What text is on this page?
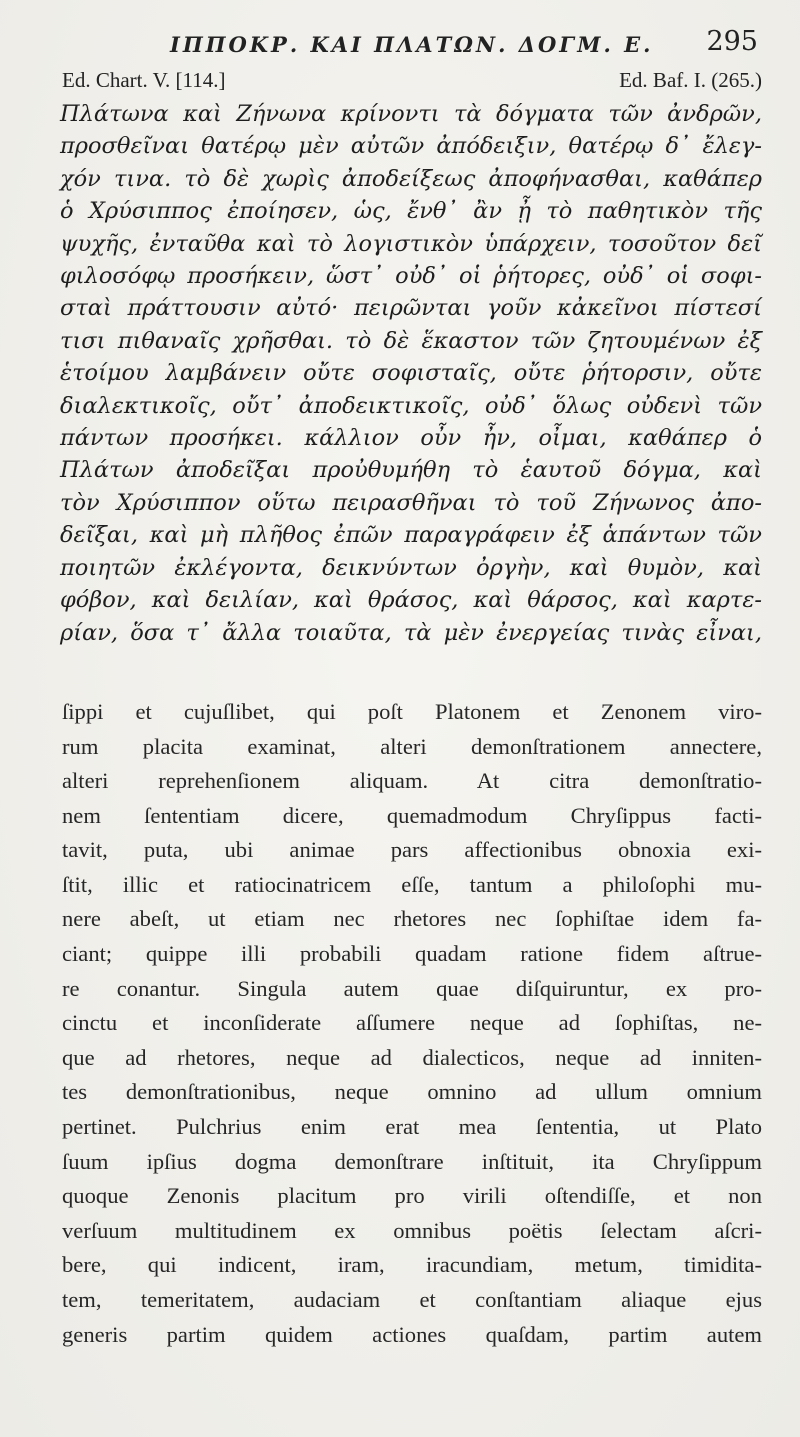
ΙΠΠΟΚΡ. ΚΑΙ ΠΛΑΤΩΝ. ΔΟΓΜ. Ε. 295
Ed. Chart. V. [114.]	Ed. Baf. I. (265.)
Πλάτωνα καὶ Ζήνωνα κρίνοντι τὰ δόγματα τῶν ἀνδρῶν,
προσθεῖναι θατέρῳ μὲν αὐτῶν ἀπόδειξιν, θατέρῳ δ᾽ ἔλεγ-
χόν τινα. τὸ δὲ χωρὶς ἀποδείξεως ἀποφήνασθαι, καθάπερ
ὁ Χρύσιππος ἐποίησεν, ὡς, ἔνθ᾽ ἂν ᾖ τὸ παθητικὸν τῆς
ψυχῆς, ἐνταῦθα καὶ τὸ λογιστικὸν ὑπάρχειν, τοσοῦτον δεῖ
φιλοσόφῳ προσήκειν, ὥστ᾽ οὐδ᾽ οἱ ῥήτορες, οὐδ᾽ οἱ σοφι-
σταὶ πράττουσιν αὐτό· πειρῶνται γοῦν κἀκεῖνοι πίστεσί
τισι πιθαναῖς χρῆσθαι. τὸ δὲ ἕκαστον τῶν ζητουμένων ἐξ
ἑτοίμου λαμβάνειν οὔτε σοφισταῖς, οὔτε ῥήτορσιν, οὔτε
διαλεκτικοῖς, οὔτ᾽ ἀποδεικτικοῖς, οὐδ᾽ ὅλως οὐδενὶ τῶν
πάντων προσήκει. κάλλιον οὖν ἦν, οἶμαι, καθάπερ ὁ
Πλάτων ἀποδεῖξαι προὐθυμήθη τὸ ἑαυτοῦ δόγμα, καὶ
τὸν Χρύσιππον οὕτω πειρασθῆναι τὸ τοῦ Ζήνωνος ἀπο-
δεῖξαι, καὶ μὴ πλῆθος ἐπῶν παραγράφειν ἐξ ἁπάντων τῶν
ποιητῶν ἐκλέγοντα, δεικνύντων ὀργὴν, καὶ θυμὸν, καὶ
φόβον, καὶ δειλίαν, καὶ θράσος, καὶ θάρσος, καὶ καρτε-
ρίαν, ὅσα τ᾽ ἄλλα τοιαῦτα, τὰ μὲν ἐνεργείας τινὰς εἶναι,
ſippi et cujuſlibet, qui poſt Platonem et Zenonem viro-
rum placita examinat, alteri demonſtrationem annectere,
alteri reprehenſionem aliquam. At citra demonſtratio-
nem ſententiam dicere, quemadmodum Chryſippus facti-
tavit, puta, ubi animae pars affectionibus obnoxia exi-
ſtit, illic et ratiocinatricem eſſe, tantum a philoſophi mu-
nere abeſt, ut etiam nec rhetores nec ſophiſtae idem fa-
ciant; quippe illi probabili quadam ratione fidem aſtrue-
re conantur. Singula autem quae diſquiruntur, ex pro-
cinctu et inconſiderate aſſumere neque ad ſophiſtas, ne-
que ad rhetores, neque ad dialecticos, neque ad inniten-
tes demonſtrationibus, neque omnino ad ullum omnium
pertinet. Pulchrius enim erat mea ſententia, ut Plato
ſuum ipſius dogma demonſtrare inſtituit, ita Chryſippum
quoque Zenonis placitum pro virili oſtendiſſe, et non
verſuum multitudinem ex omnibus poëtis ſelectam aſcri-
bere, qui indicent, iram, iracundiam, metum, timidita-
tem, temeritatem, audaciam et conſtantiam aliaque ejus
generis partim quidem actiones quaſdam, partim autem
